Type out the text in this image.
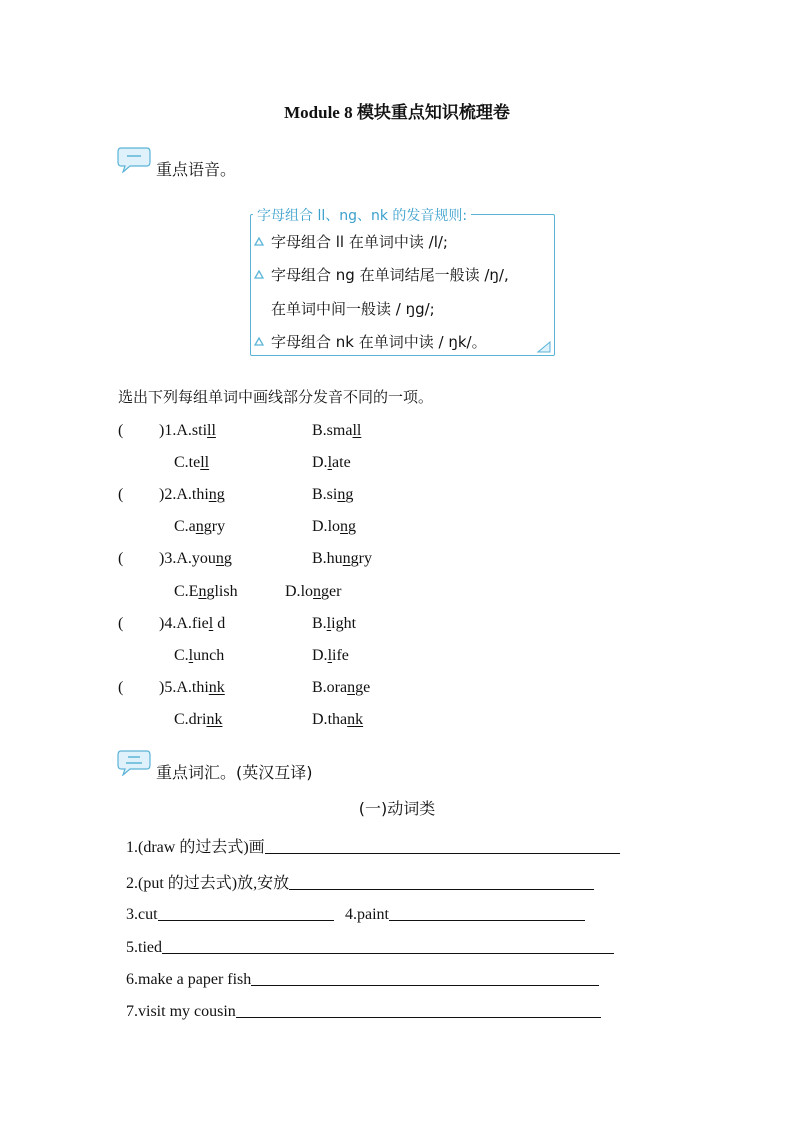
Module 8 模块重点知识梳理卷
重点语音。
字母组合 ll、ng、nk 的发音规则:
字母组合 ll 在单词中读 /l/;
字母组合 ng 在单词结尾一般读 /ŋ/,
在单词中间一般读 / ŋg/;
字母组合 nk 在单词中读 / ŋk/。
选出下列每组单词中画线部分发音不同的一项。
( )1.A.still	B.small
C.tell	D.late
( )2.A.thing	B.sing
C.angry	D.long
( )3.A.young	B.hungry
C.English	D.longer
( )4.A.fiel d	B.light
C.lunch	D.life
( )5.A.think	B.orange
C.drink	D.thank
重点词汇。(英汉互译)
(一)动词类
1.(draw 的过去式)画
2.(put 的过去式)放,安放
3.cut	4.paint
5.tied
6.make a paper fish
7.visit my cousin
